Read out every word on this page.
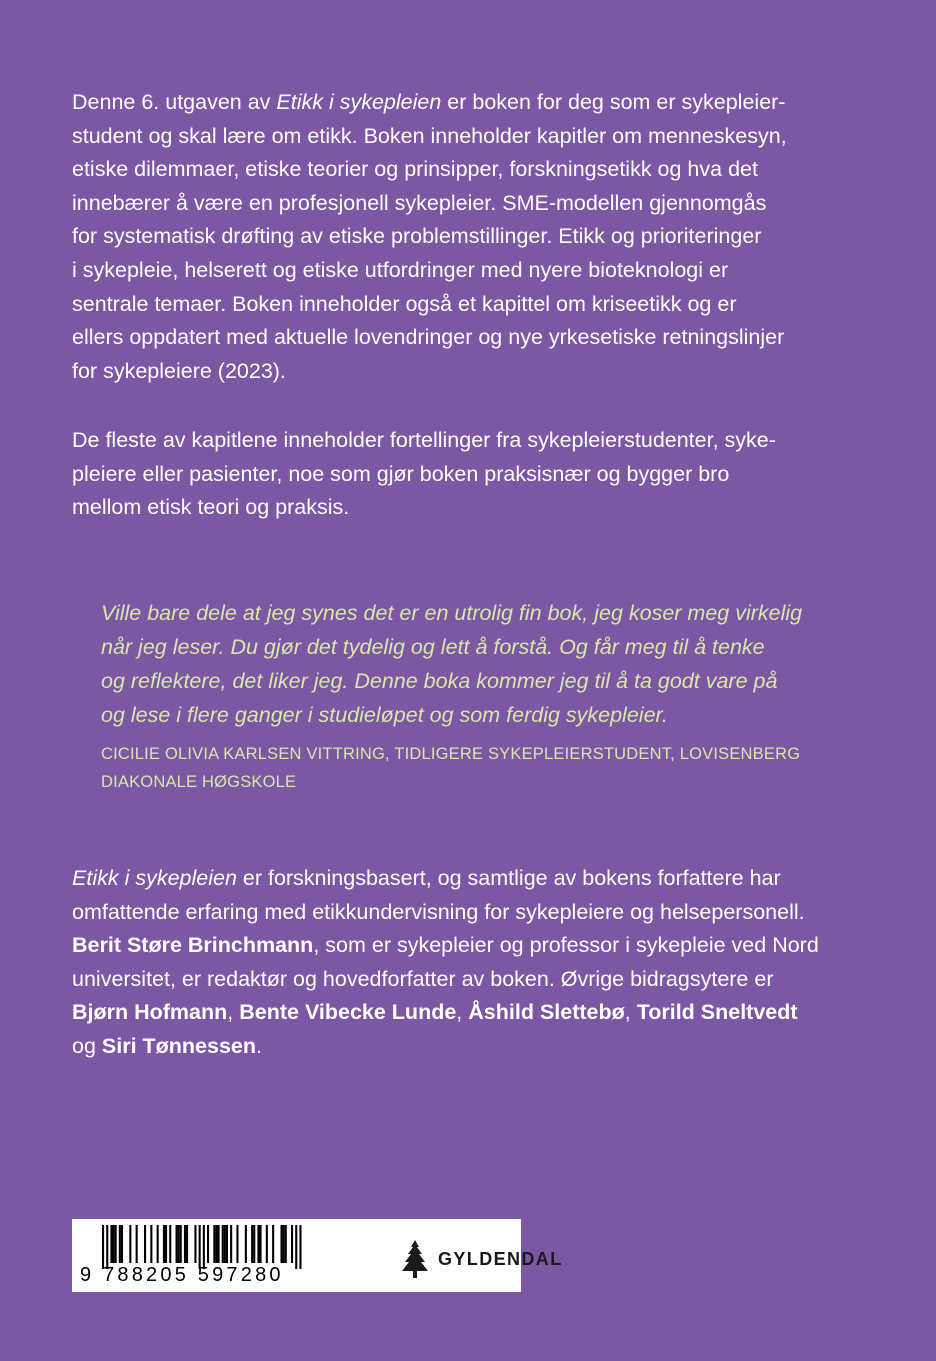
Denne 6. utgaven av Etikk i sykepleien er boken for deg som er sykepleier-
student og skal lære om etikk. Boken inneholder kapitler om menneskesyn,
etiske dilemmaer, etiske teorier og prinsipper, forskningsetikk og hva det
innebærer å være en profesjonell sykepleier. SME-modellen gjennomgås
for systematisk drøfting av etiske problemstillinger. Etikk og prioriteringer
i sykepleie, helserett og etiske utfordringer med nyere bioteknologi er
sentrale temaer. Boken inneholder også et kapittel om kriseetikk og er
ellers oppdatert med aktuelle lovendringer og nye yrkesetiske retningslinjer
for sykepleiere (2023).

De fleste av kapitlene inneholder fortellinger fra sykepleierstudenter, syke-
pleiere eller pasienter, noe som gjør boken praksisnær og bygger bro
mellom etisk teori og praksis.

Ville bare dele at jeg synes det er en utrolig fin bok, jeg koser meg virkelig
når jeg leser. Du gjør det tydelig og lett å forstå. Og får meg til å tenke
og reflektere, det liker jeg. Denne boka kommer jeg til å ta godt vare på
og lese i flere ganger i studieløpet og som ferdig sykepleier.

CICILIE OLIVIA KARLSEN VITTRING, TIDLIGERE SYKEPLEIERSTUDENT, LOVISENBERG
DIAKONALE HØGSKOLE

Etikk i sykepleien er forskningsbasert, og samtlige av bokens forfattere har
omfattende erfaring med etikkundervisning for sykepleiere og helsepersonell.
Berit Støre Brinchmann, som er sykepleier og professor i sykepleie ved Nord
universitet, er redaktør og hovedforfatter av boken. Øvrige bidragsytere er
Bjørn Hofmann, Bente Vibecke Lunde, Åshild Slettebø, Torild Sneltvedt
og Siri Tønnessen.

9 788205 597280
GYLDENDAL
